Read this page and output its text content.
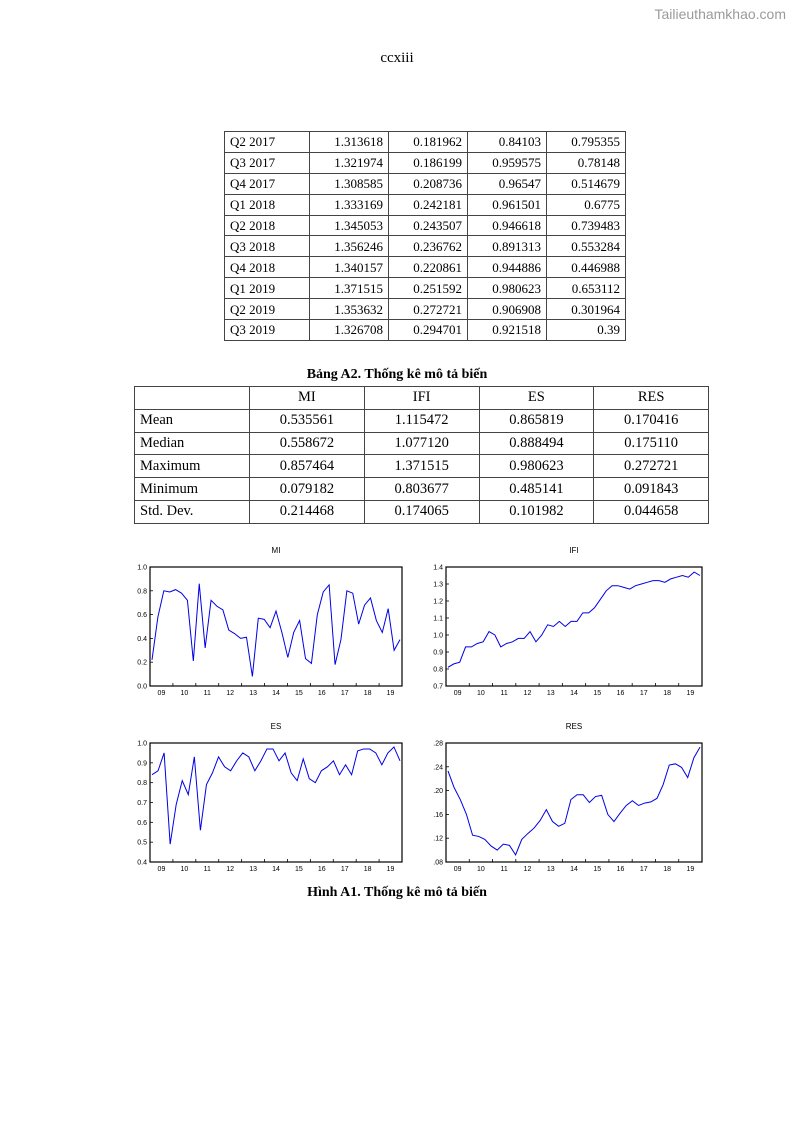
Tailieuthamkhao.com
ccxiii
Q2 2017	1.313618	0.181962	0.84103	0.795355
Q3 2017	1.321974	0.186199	0.959575	0.78148
Q4 2017	1.308585	0.208736	0.96547	0.514679
Q1 2018	1.333169	0.242181	0.961501	0.6775
Q2 2018	1.345053	0.243507	0.946618	0.739483
Q3 2018	1.356246	0.236762	0.891313	0.553284
Q4 2018	1.340157	0.220861	0.944886	0.446988
Q1 2019	1.371515	0.251592	0.980623	0.653112
Q2 2019	1.353632	0.272721	0.906908	0.301964
Q3 2019	1.326708	0.294701	0.921518	0.39
Bảng A2. Thống kê mô tả biến
	MI	IFI	ES	RES
Mean	0.535561	1.115472	0.865819	0.170416
Median	0.558672	1.077120	0.888494	0.175110
Maximum	0.857464	1.371515	0.980623	0.272721
Minimum	0.079182	0.803677	0.485141	0.091843
Std. Dev.	0.214468	0.174065	0.101982	0.044658
MI
0.0
0.2
0.4
0.6
0.8
1.0
09 10 11 12 13 14 15 16 17 18 19
IFI
0.7
0.8
0.9
1.0
1.1
1.2
1.3
1.4
09 10 11 12 13 14 15 16 17 18 19
ES
0.4
0.5
0.6
0.7
0.8
0.9
1.0
09 10 11 12 13 14 15 16 17 18 19
RES
.08
.12
.16
.20
.24
.28
09 10 11 12 13 14 15 16 17 18 19
Hình A1. Thống kê mô tả biến
